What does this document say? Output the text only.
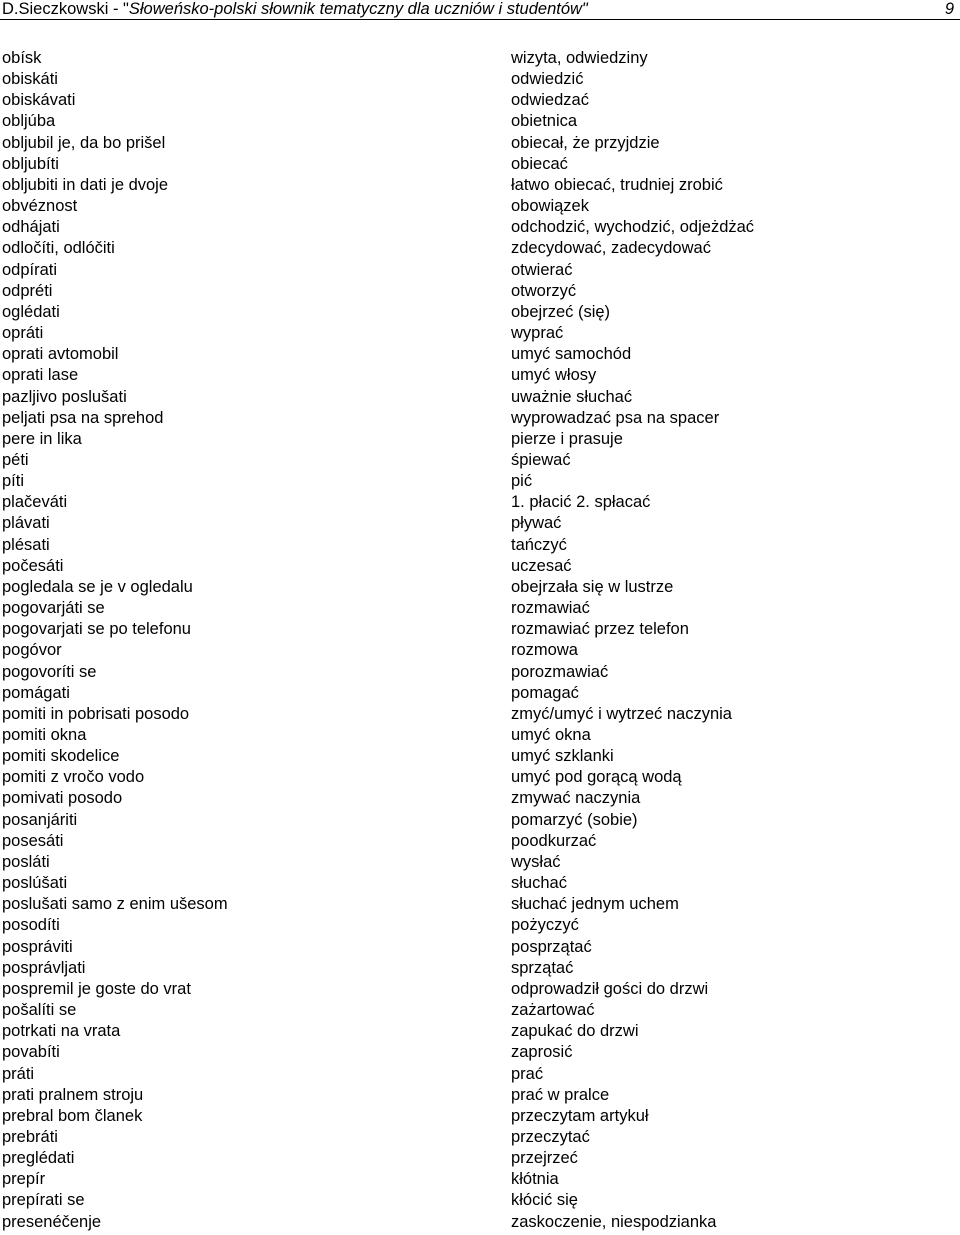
D.Sieczkowski - "Słoweńsko-polski słownik tematyczny dla uczniów i studentów"	9
obísk
obiskáti
obiskávati
obljúba
obljubil je, da bo prišel
obljubíti
obljubiti in dati je dvoje
obvéznost
odhájati
odločíti, odlóčiti
odpírati
odpréti
oglédati
opráti
oprati avtomobil
oprati lase
pazljivo poslušati
peljati psa na sprehod
pere in lika
péti
píti
plačeváti
plávati
plésati
počesáti
pogledala se je v ogledalu
pogovarjáti se
pogovarjati se po telefonu
pogóvor
pogovoríti se
pomágati
pomiti in pobrisati posodo
pomiti okna
pomiti skodelice
pomiti z vročo vodo
pomivati posodo
posanjáriti
posesáti
posláti
poslúšati
poslušati samo z enim ušesom
posodíti
pospráviti
posprávljati
pospremil je goste do vrat
pošalíti se
potrkati na vrata
povabíti
práti
prati pralnem stroju
prebral bom članek
prebráti
preglédati
prepír
prepírati se
presenéčenje
wizyta, odwiedziny
odwiedzić
odwiedzać
obietnica
obiecał, że przyjdzie
obiecać
łatwo obiecać, trudniej zrobić
obowiązek
odchodzić, wychodzić, odjeżdżać
zdecydować, zadecydować
otwierać
otworzyć
obejrzeć (się)
wyprać
umyć samochód
umyć włosy
uważnie słuchać
wyprowadzać psa na spacer
pierze i prasuje
śpiewać
pić
1. płacić 2. spłacać
pływać
tańczyć
uczesać
obejrzała się w lustrze
rozmawiać
rozmawiać przez telefon
rozmowa
porozmawiać
pomagać
zmyć/umyć i wytrzeć naczynia
umyć okna
umyć szklanki
umyć pod gorącą wodą
zmywać naczynia
pomarzyć (sobie)
poodkurzać
wysłać
słuchać
słuchać jednym uchem
pożyczyć
posprzątać
sprzątać
odprowadził gości do drzwi
zażartować
zapukać do drzwi
zaprosić
prać
prać w pralce
przeczytam artykuł
przeczytać
przejrzeć
kłótnia
kłócić się
zaskoczenie, niespodzianka
